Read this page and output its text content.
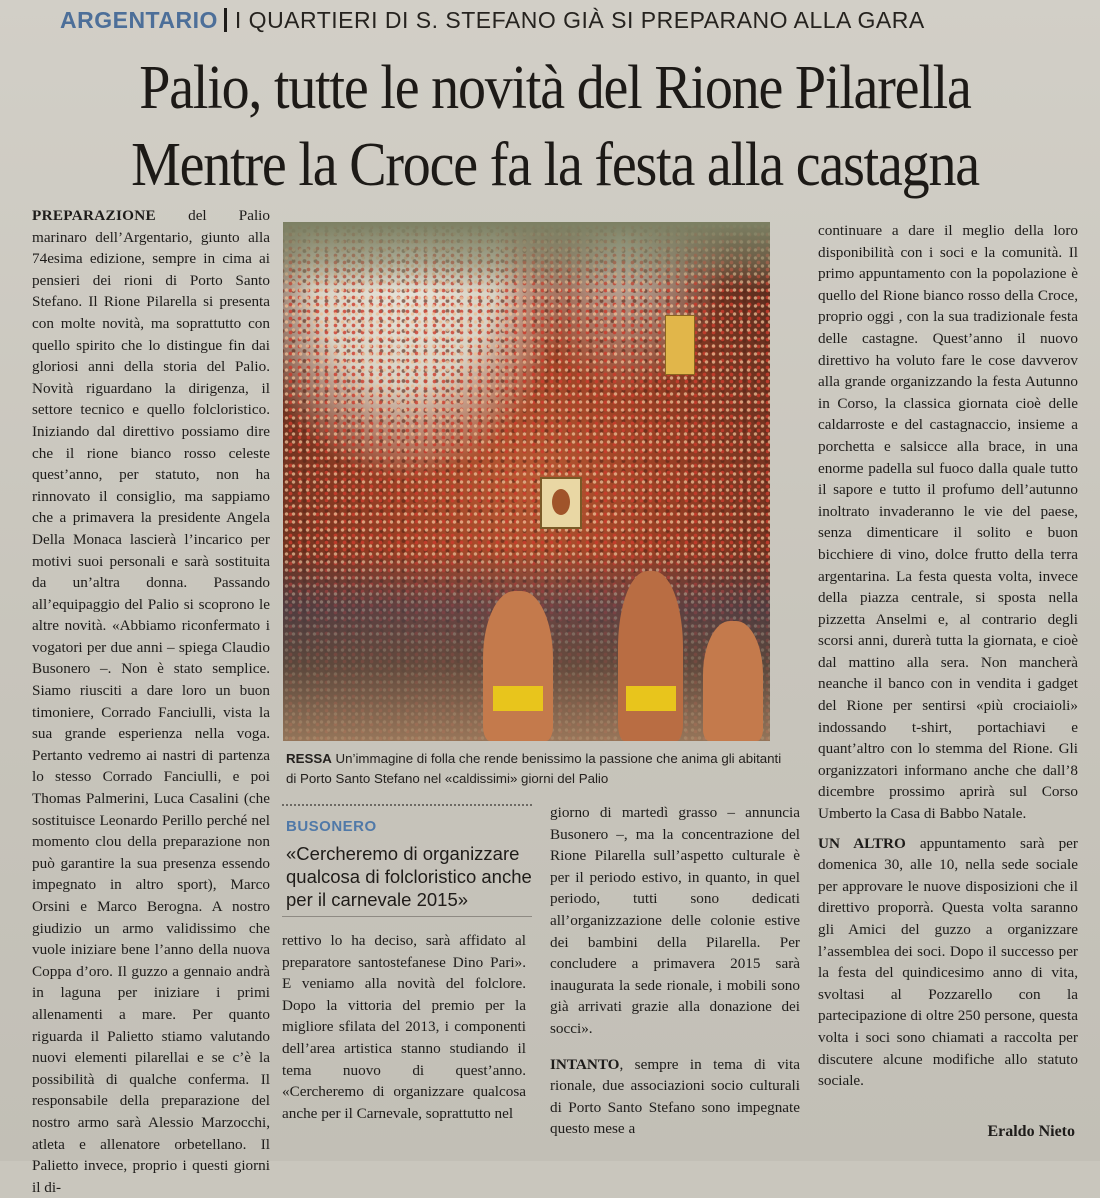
ARGENTARIO I QUARTIERI DI S. STEFANO GIÀ SI PREPARANO ALLA GARA
Palio, tutte le novità del Rione Pilarella
Mentre la Croce fa la festa alla castagna

PREPARAZIONE del Palio marinaro dell’Argentario, giunto alla 74esima edizione, sempre in cima ai pensieri dei rioni di Porto Santo Stefano. Il Rione Pilarella si presenta con molte novità, ma soprattutto con quello spirito che lo distingue fin dai gloriosi anni della storia del Palio. Novità riguardano la dirigenza, il settore tecnico e quello folcloristico. Iniziando dal direttivo possiamo dire che il rione bianco rosso celeste quest’anno, per statuto, non ha rinnovato il consiglio, ma sappiamo che a primavera la presidente Angela Della Monaca lascierà l’incarico per motivi suoi personali e sarà sostituita da un’altra donna. Passando all’equipaggio del Palio si scoprono le altre novità. «Abbiamo riconfermato i vogatori per due anni – spiega Claudio Busonero –. Non è stato semplice. Siamo riusciti a dare loro un buon timoniere, Corrado Fanciulli, vista la sua grande esperienza nella voga. Pertanto vedremo ai nastri di partenza lo stesso Corrado Fanciulli, e poi Thomas Palmerini, Luca Casalini (che sostituisce Leonardo Perillo perché nel momento clou della preparazione non può garantire la sua presenza essendo impegnato in altro sport), Marco Orsini e Marco Berogna. A nostro giudizio un armo validissimo che vuole iniziare bene l’anno della nuova Coppa d’oro. Il guzzo a gennaio andrà in laguna per iniziare i primi allenamenti a mare. Per quanto riguarda il Palietto stiamo valutando nuovi elementi pilarellai e se c’è la possibilità di qualche conferma. Il responsabile della preparazione del nostro armo sarà Alessio Marzocchi, atleta e allenatore orbetellano. Il Palietto invece, proprio i questi giorni il di-

RESSA Un’immagine di folla che rende benissimo la passione che anima gli abitanti di Porto Santo Stefano nel «caldissimi» giorni del Palio
BUSONERO
«Cercheremo di organizzare qualcosa di folcloristico anche per il carnevale 2015»

rettivo lo ha deciso, sarà affidato al preparatore santostefanese Dino Pari». E veniamo alla novità del folclore. Dopo la vittoria del premio per la migliore sfilata del 2013, i componenti dell’area artistica stanno studiando il tema nuovo di quest’anno. «Cercheremo di organizzare qualcosa anche per il Carnevale, soprattutto nel

giorno di martedì grasso – annuncia Busonero –, ma la concentrazione del Rione Pilarella sull’aspetto culturale è per il periodo estivo, in quanto, in quel periodo, tutti sono dedicati all’organizzazione delle colonie estive dei bambini della Pilarella. Per concludere a primavera 2015 sarà inaugurata la sede rionale, i mobili sono già arrivati grazie alla donazione dei socci».

INTANTO, sempre in tema di vita rionale, due associazioni socio culturali di Porto Santo Stefano sono impegnate questo mese a

continuare a dare il meglio della loro disponibilità con i soci e la comunità. Il primo appuntamento con la popolazione è quello del Rione bianco rosso della Croce, proprio oggi , con la sua tradizionale festa delle castagne. Quest’anno il nuovo direttivo ha voluto fare le cose davverov alla grande organizzando la festa Autunno in Corso, la classica giornata cioè delle caldarroste e del castagnaccio, insieme a porchetta e salsicce alla brace, in una enorme padella sul fuoco dalla quale tutto il sapore e tutto il profumo dell’autunno inoltrato invaderanno le vie del paese, senza dimenticare il solito e buon bicchiere di vino, dolce frutto della terra argentarina. La festa questa volta, invece della piazza centrale, si sposta nella pizzetta Anselmi e, al contrario degli scorsi anni, durerà tutta la giornata, e cioè dal mattino alla sera. Non mancherà neanche il banco con in vendita i gadget del Rione per sentirsi «più crociaioli» indossando t-shirt, portachiavi e quant’altro con lo stemma del Rione. Gli organizzatori informano anche che dall’8 dicembre prossimo aprirà sul Corso Umberto la Casa di Babbo Natale.

UN ALTRO appuntamento sarà per domenica 30, alle 10, nella sede sociale per approvare le nuove disposizioni che il direttivo proporrà. Questa volta saranno gli Amici del guzzo a organizzare l’assemblea dei soci. Dopo il successo per la festa del quindicesimo anno di vita, svoltasi al Pozzarello con la partecipazione di oltre 250 persone, questa volta i soci sono chiamati a raccolta per discutere alcune modifiche allo statuto sociale.

Eraldo Nieto
